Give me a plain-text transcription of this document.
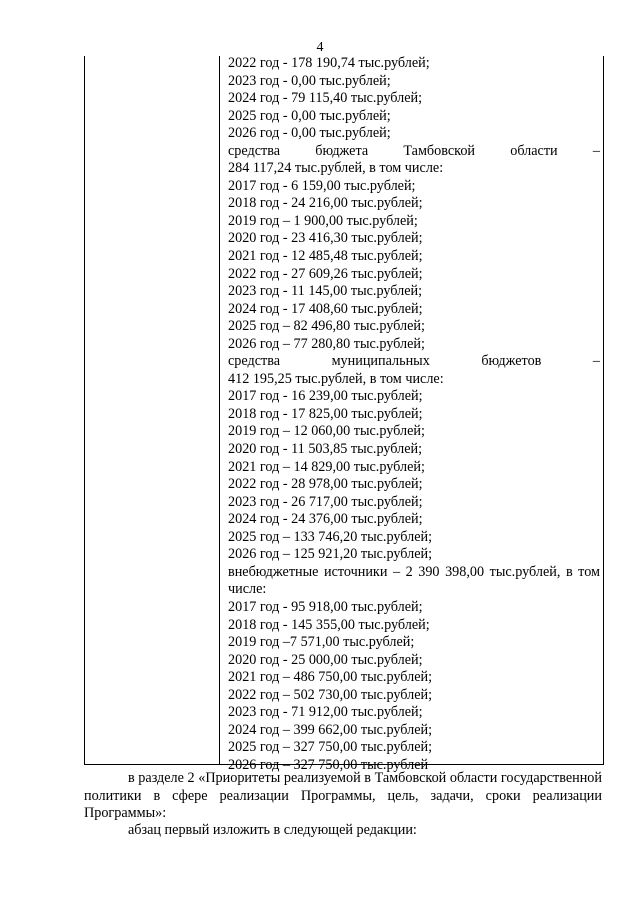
4
2022 год - 178 190,74 тыс.рублей;
2023 год - 0,00 тыс.рублей;
2024 год - 79 115,40 тыс.рублей;
2025 год - 0,00 тыс.рублей;
2026 год - 0,00 тыс.рублей;
средства бюджета Тамбовской области –
284 117,24 тыс.рублей, в том числе:
2017 год - 6 159,00 тыс.рублей;
2018 год - 24 216,00 тыс.рублей;
2019 год – 1 900,00 тыс.рублей;
2020 год - 23 416,30 тыс.рублей;
2021 год - 12 485,48 тыс.рублей;
2022 год - 27 609,26 тыс.рублей;
2023 год - 11 145,00 тыс.рублей;
2024 год - 17 408,60 тыс.рублей;
2025 год – 82 496,80 тыс.рублей;
2026 год – 77 280,80 тыс.рублей;
средства	муниципальных	бюджетов	–
412 195,25 тыс.рублей, в том числе:
2017 год - 16 239,00 тыс.рублей;
2018 год - 17 825,00 тыс.рублей;
2019 год – 12 060,00 тыс.рублей;
2020 год - 11 503,85 тыс.рублей;
2021 год – 14 829,00 тыс.рублей;
2022 год - 28 978,00 тыс.рублей;
2023 год - 26 717,00 тыс.рублей;
2024 год - 24 376,00 тыс.рублей;
2025 год – 133 746,20 тыс.рублей;
2026 год – 125 921,20 тыс.рублей;
внебюджетные источники – 2 390 398,00 тыс.рублей, в том числе:
2017 год - 95 918,00 тыс.рублей;
2018 год - 145 355,00 тыс.рублей;
2019 год –7 571,00 тыс.рублей;
2020 год - 25 000,00 тыс.рублей;
2021 год – 486 750,00 тыс.рублей;
2022 год – 502 730,00 тыс.рублей;
2023 год - 71 912,00 тыс.рублей;
2024 год – 399 662,00 тыс.рублей;
2025 год – 327 750,00 тыс.рублей;
2026 год – 327 750,00 тыс.рублей

в разделе 2 «Приоритеты реализуемой в Тамбовской области государственной политики в сфере реализации Программы, цель, задачи, сроки реализации Программы»:

абзац первый изложить в следующей редакции:
